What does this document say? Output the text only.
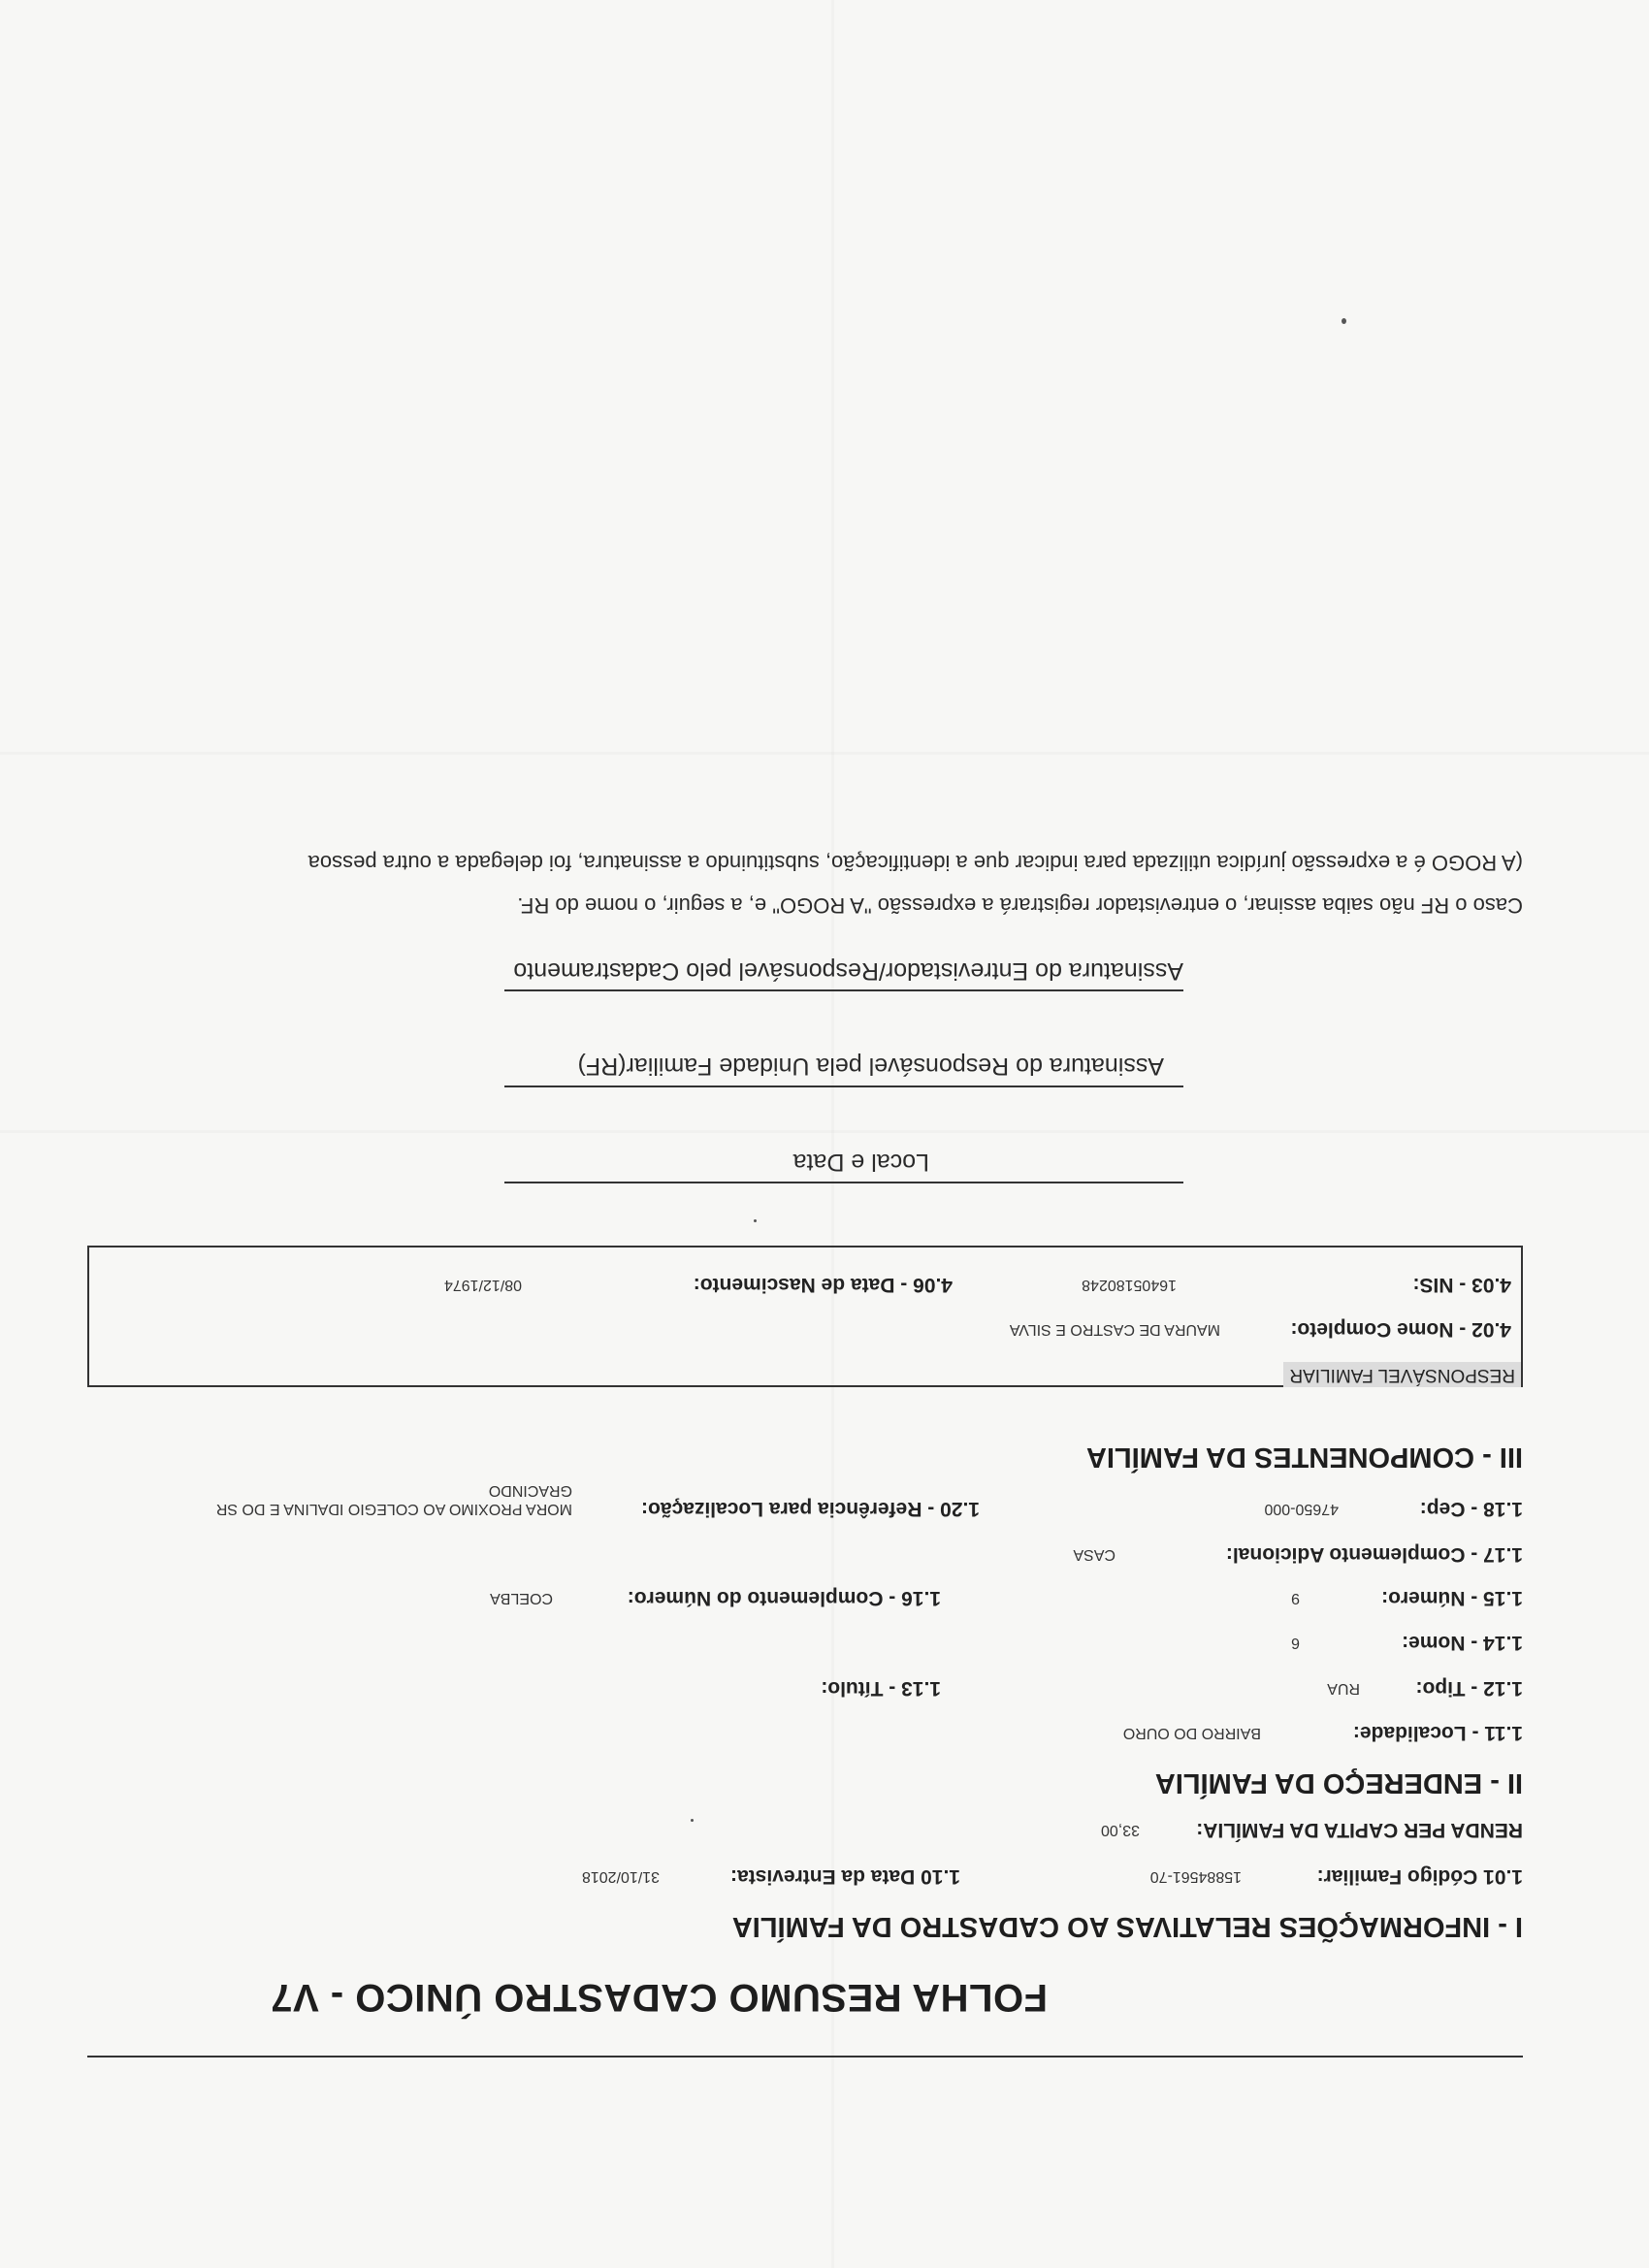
FOLHA RESUMO CADASTRO ÚNICO - V7
I - INFORMAÇÕES RELATIVAS AO CADASTRO DA FAMÍLIA
1.01 Código Familiar:
15884561-70
1.10 Data da Entrevista:
31/10/2018
RENDA PER CAPITA DA FAMÍLIA:
33,00
II - ENDEREÇO DA FAMÍLIA
1.11 - Localidade:
BAIRRO DO OURO
1.12 - Tipo:
RUA
1.13 - Título:
1.14 - Nome:
6
1.15 - Número:
9
1.16 - Complemento do Número:
COELBA
1.17 - Complemento Adicional:
CASA
1.18 - Cep:
47650-000
1.20 - Referência para Localização:
MORA PROXIMO AO COLEGIO IDALINA E DO SR
GRACINDO
III - COMPONENTES DA FAMÍLIA
RESPONSÁVEL FAMILIAR
4.02 - Nome Completo:
MAURA DE CASTRO E SILVA
4.03 - NIS:
16405180248
4.06 - Data de Nascimento:
08/12/1974
Local e Data
Assinatura do Responsável pela Unidade Familiar(RF)
Assinatura do Entrevistador/Responsável pelo Cadastramento
Caso o RF não saiba assinar, o entrevistador registrará a expressão "A ROGO" e, a seguir, o nome do RF.
(A ROGO é a expressão jurídica utilizada para indicar que a identificação, substituindo a assinatura, foi delegada a outra pessoa
